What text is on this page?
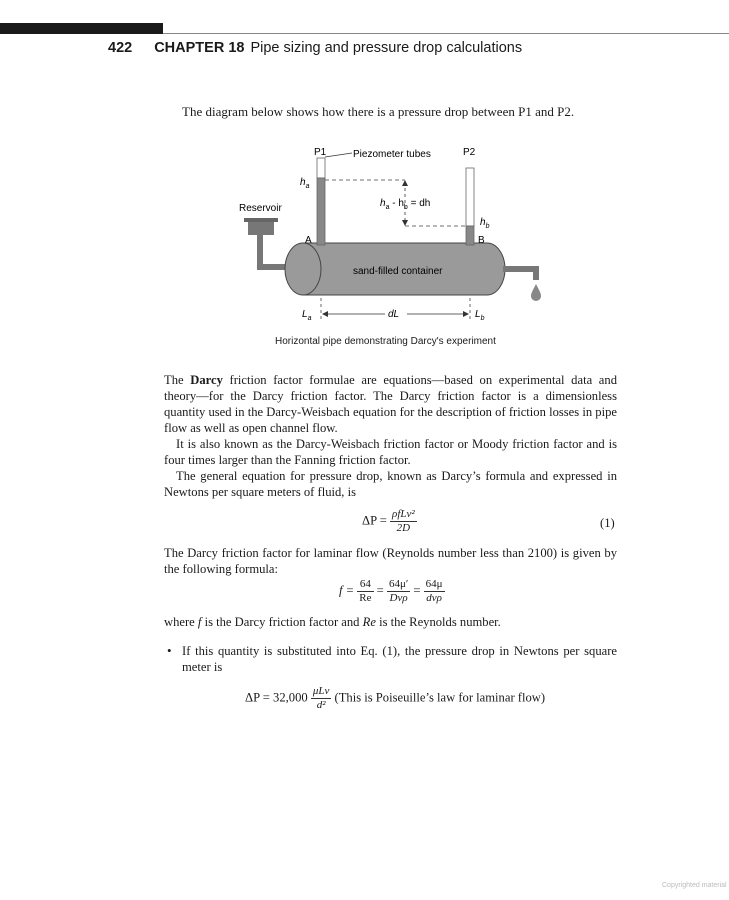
422 CHAPTER 18 Pipe sizing and pressure drop calculations
The diagram below shows how there is a pressure drop between P1 and P2.
P1	P2
Piezometer tubes
$h_a$
$h_b$
$h_a - h_b$ = dh
Reservoir
A	B
sand-filled container
$L_a$	dL	$L_b$
Horizontal pipe demonstrating Darcy's experiment

The Darcy friction factor formulae are equations—based on experimental data and theory—for the Darcy friction factor. The Darcy friction factor is a dimensionless quantity used in the Darcy-Weisbach equation for the description of friction losses in pipe flow as well as open channel flow.

It is also known as the Darcy-Weisbach friction factor or Moody friction factor and is four times larger than the Fanning friction factor.

The general equation for pressure drop, known as Darcy’s formula and expressed in Newtons per square meters of fluid, is

$\Delta P = \frac{\text{ρfLv²}}{2D}$	(1)

The Darcy friction factor for laminar flow (Reynolds number less than 2100) is given by the following formula:

$f = \frac{64}{Re} = \frac{64\mu'}{\text{Dvρ}} = \frac{64\mu}{\text{dvρ}}$

where f is the Darcy friction factor and Re is the Reynolds number.

• If this quantity is substituted into Eq. (1), the pressure drop in Newtons per square meter is

$\Delta P = 32,000 \frac{\text{μLv}}{\text{d²}}$ (This is Poiseuille’s law for laminar flow)
Copyrighted material
